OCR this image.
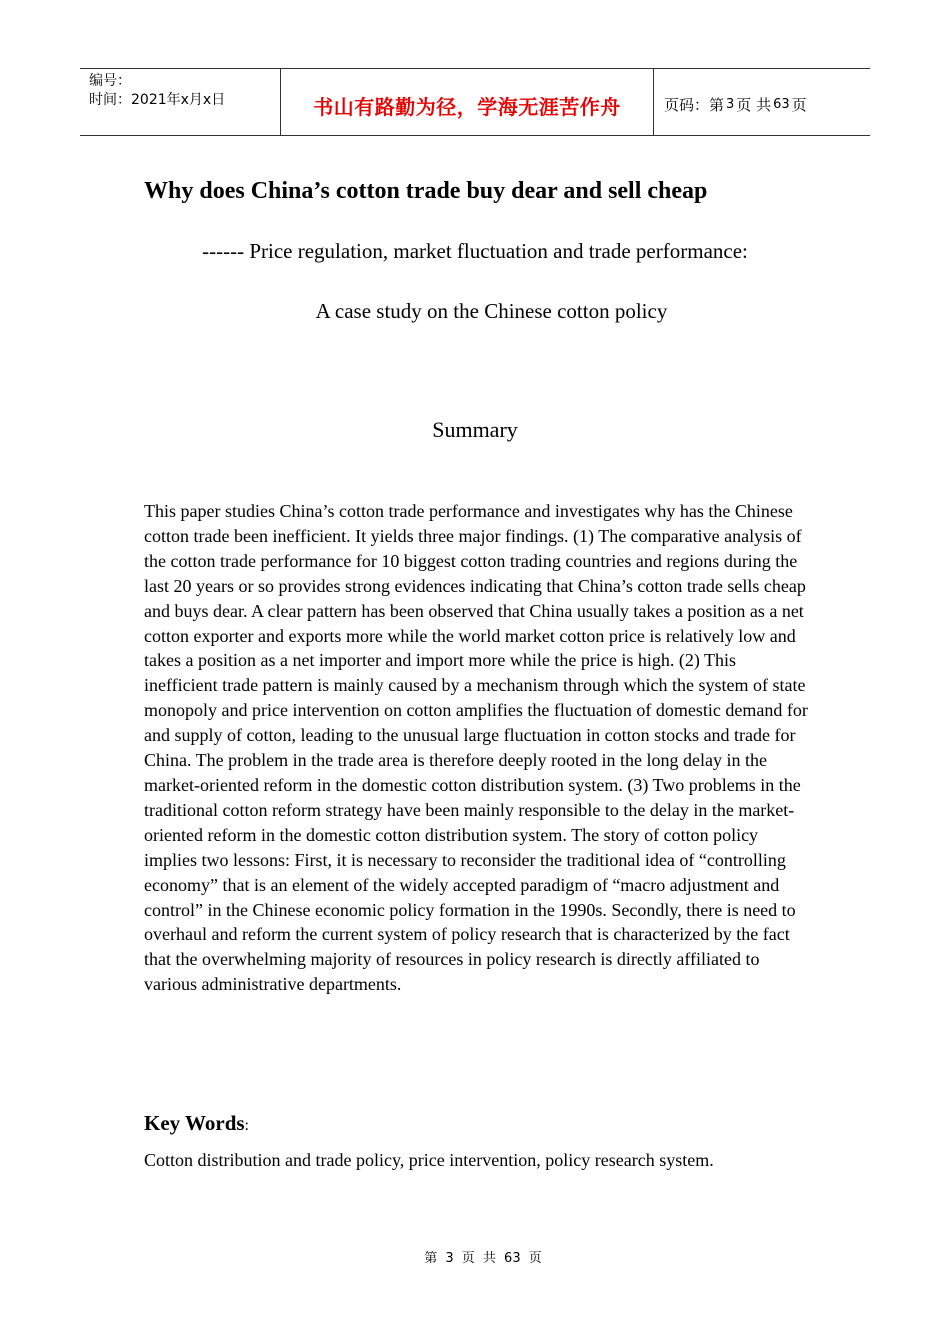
编号：
时间：2021年x月x日	书山有路勤为径，学海无涯苦作舟	页码：第 3 页 共 63 页
Why does China’s cotton trade buy dear and sell cheap

------ Price regulation, market fluctuation and trade performance:

A case study on the Chinese cotton policy

Summary

This paper studies China’s cotton trade performance and investigates why has the Chinese cotton trade been inefficient. It yields three major findings. (1) The comparative analysis of the cotton trade performance for 10 biggest cotton trading countries and regions during the last 20 years or so provides strong evidences indicating that China’s cotton trade sells cheap and buys dear. A clear pattern has been observed that China usually takes a position as a net cotton exporter and exports more while the world market cotton price is relatively low and takes a position as a net importer and import more while the price is high. (2) This inefficient trade pattern is mainly caused by a mechanism through which the system of state monopoly and price intervention on cotton amplifies the fluctuation of domestic demand for and supply of cotton, leading to the unusual large fluctuation in cotton stocks and trade for China. The problem in the trade area is therefore deeply rooted in the long delay in the market-oriented reform in the domestic cotton distribution system. (3) Two problems in the traditional cotton reform strategy have been mainly responsible to the delay in the market-oriented reform in the domestic cotton distribution system. The story of cotton policy implies two lessons: First, it is necessary to reconsider the traditional idea of “controlling economy” that is an element of the widely accepted paradigm of “macro adjustment and control” in the Chinese economic policy formation in the 1990s. Secondly, there is need to overhaul and reform the current system of policy research that is characterized by the fact that the overwhelming majority of resources in policy research is directly affiliated to various administrative departments.

Key Words:

Cotton distribution and trade policy, price intervention, policy research system.

第 3 页 共 63 页
